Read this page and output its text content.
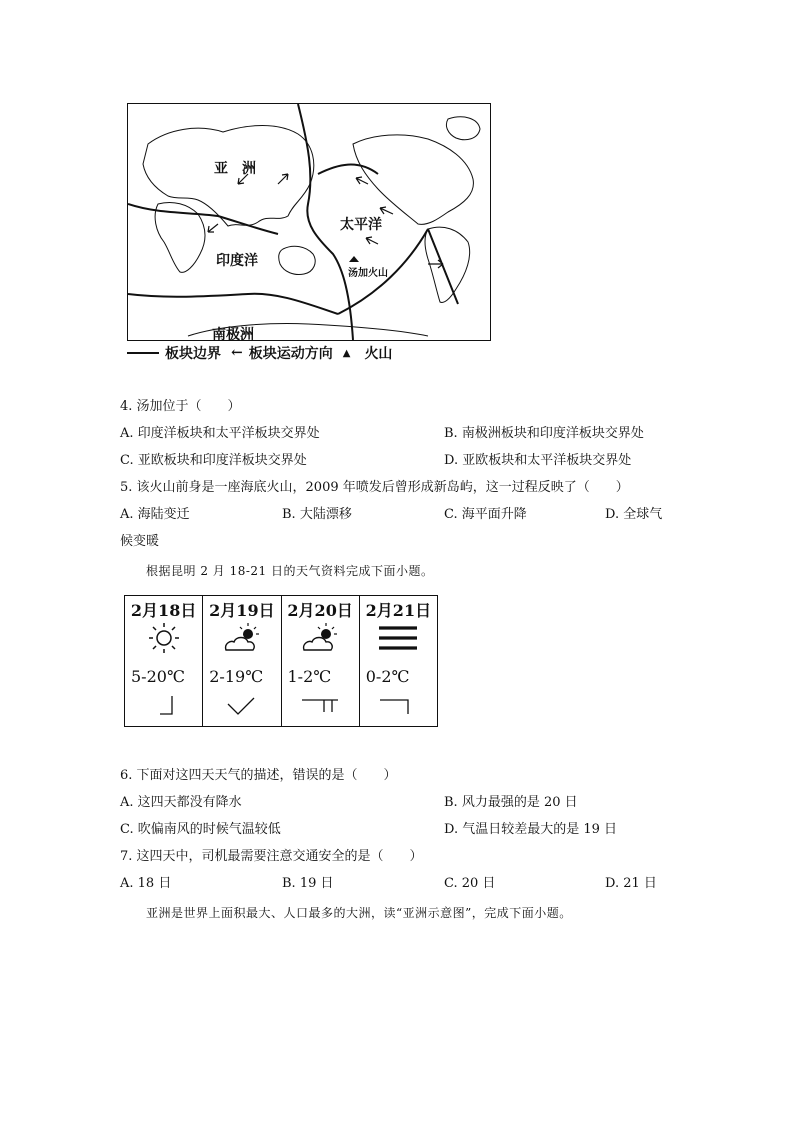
亚　洲
太平洋
印度洋
南极洲
汤加火山
板块边界 ← 板块运动方向 ▲ 火山
4. 汤加位于（　　）
A. 印度洋板块和太平洋板块交界处	B. 南极洲板块和印度洋板块交界处
C. 亚欧板块和印度洋板块交界处	D. 亚欧板块和太平洋板块交界处
5. 该火山前身是一座海底火山，2009 年喷发后曾形成新岛屿，这一过程反映了（　　）
A. 海陆变迁	B. 大陆漂移	C. 海平面升降	D. 全球气
候变暖
根据昆明 2 月 18-21 日的天气资料完成下面小题。
2月18日
5-20℃
2月19日
2-19℃
2月20日
1-2℃
2月21日
0-2℃
6. 下面对这四天天气的描述，错误的是（　　）
A. 这四天都没有降水	B. 风力最强的是 20 日
C. 吹偏南风的时候气温较低	D. 气温日较差最大的是 19 日
7. 这四天中，司机最需要注意交通安全的是（　　）
A. 18 日	B. 19 日	C. 20 日	D. 21 日
亚洲是世界上面积最大、人口最多的大洲，读“亚洲示意图”，完成下面小题。
